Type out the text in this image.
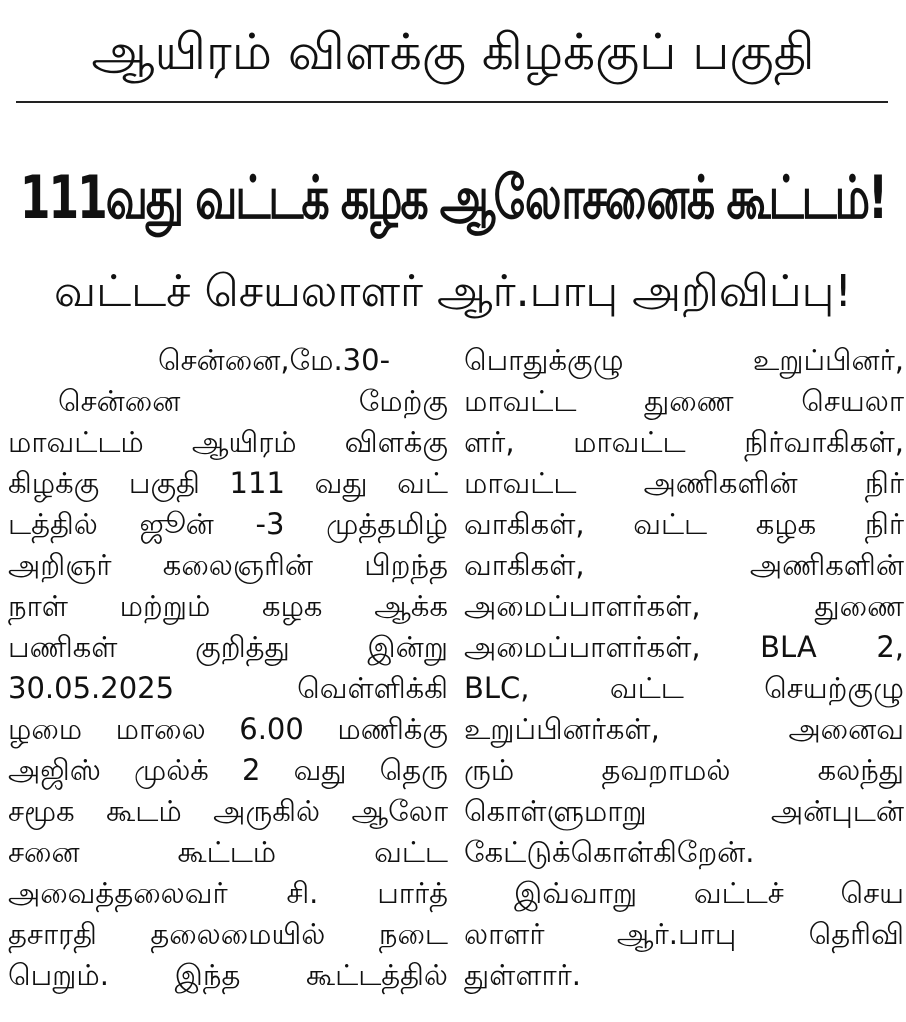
ஆயிரம் விளக்கு கிழக்குப் பகுதி
111வது வட்டக் கழக ஆலோசனைக் கூட்டம்!
வட்டச் செயலாளர் ஆர்.பாபு அறிவிப்பு!

சென்னை,மே.30-

சென்னை மேற்கு

மாவட்டம் ஆயிரம் விளக்கு

கிழக்கு பகுதி 111 வது வட்

டத்தில் ஜூன் -3 முத்தமிழ்

அறிஞர் கலைஞரின் பிறந்த

நாள் மற்றும் கழக ஆக்க

பணிகள் குறித்து இன்று

30.05.2025 வெள்ளிக்கி

ழமை மாலை 6.00 மணிக்கு

அஜிஸ் முல்க் 2 வது தெரு

சமூக கூடம் அருகில் ஆலோ

சனை கூட்டம் வட்ட

அவைத்தலைவர் சி. பார்த்

தசாரதி தலைமையில் நடை

பெறும். இந்த கூட்டத்தில்

பொதுக்குழு உறுப்பினர்,

மாவட்ட துணை செயலா

ளர், மாவட்ட நிர்வாகிகள்,

மாவட்ட அணிகளின் நிர்

வாகிகள், வட்ட கழக நிர்

வாகிகள், அணிகளின்

அமைப்பாளர்கள், துணை

அமைப்பாளர்கள், BLA 2,

BLC, வட்ட செயற்குழு

உறுப்பினர்கள், அனைவ

ரும் தவறாமல் கலந்து

கொள்ளுமாறு அன்புடன்

கேட்டுக்கொள்கிறேன்.

இவ்வாறு வட்டச் செய

லாளர் ஆர்.பாபு தெரிவி

துள்ளார்.
